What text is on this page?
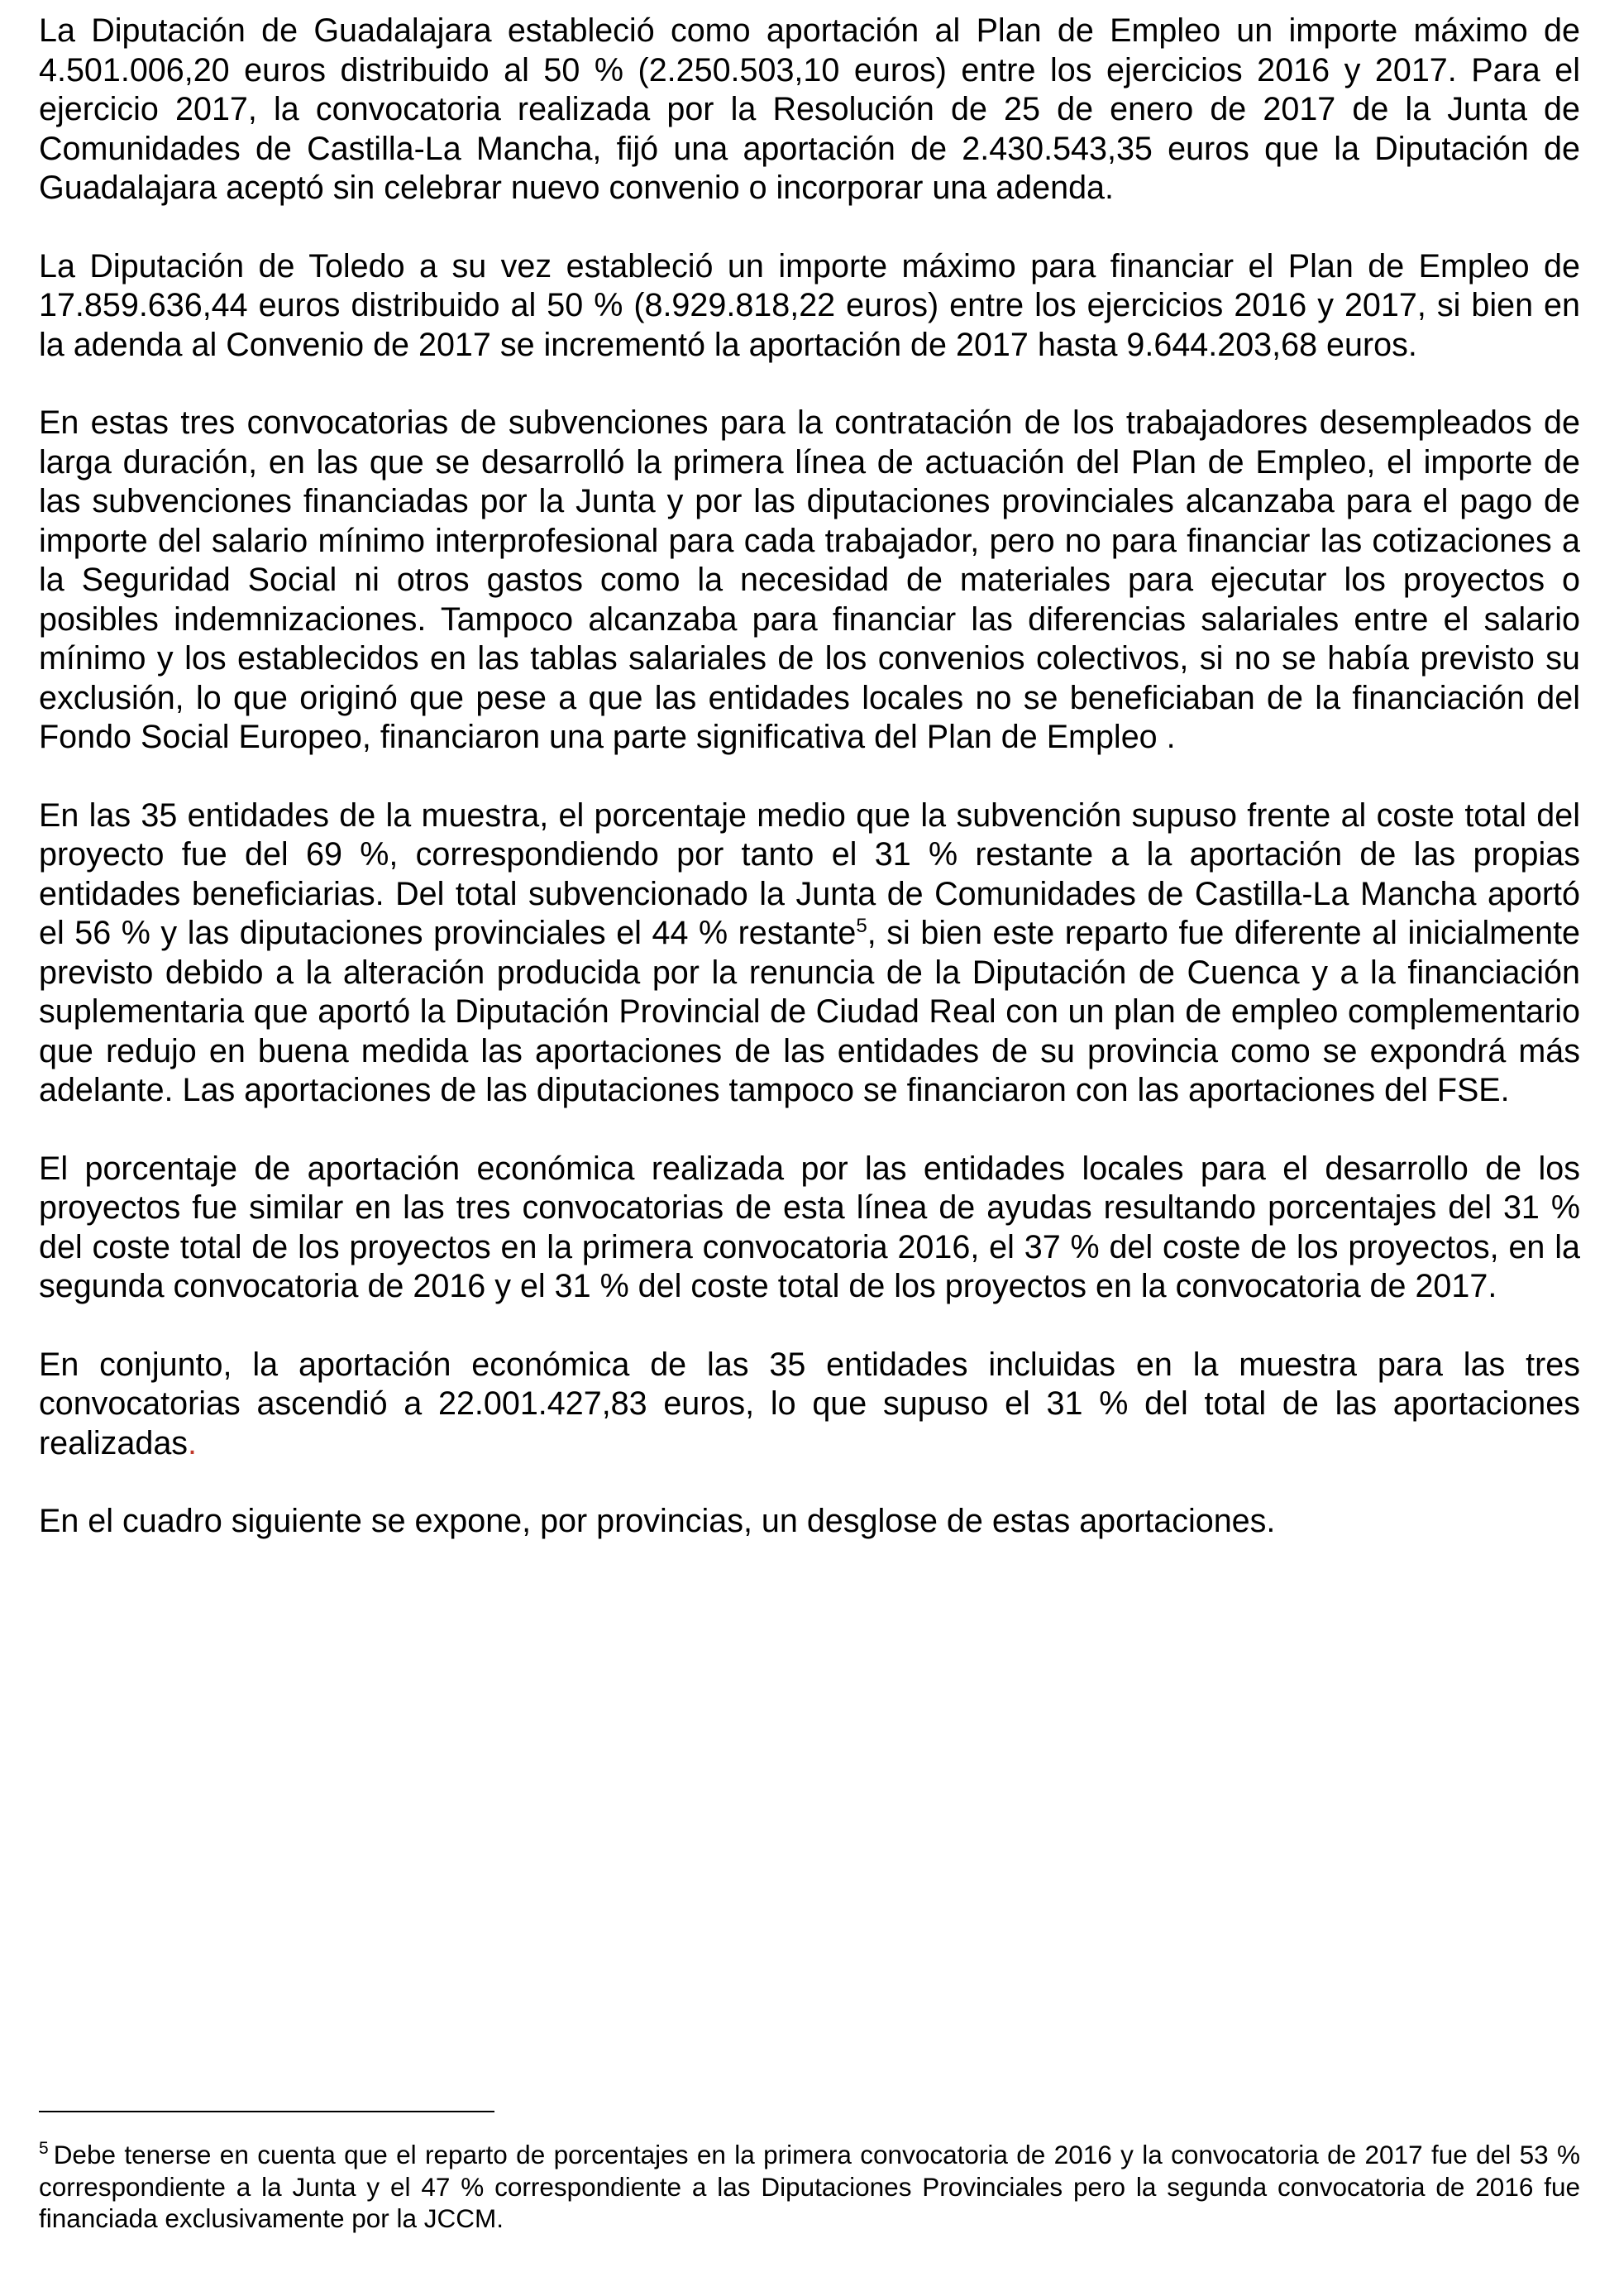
La Diputación de Guadalajara estableció como aportación al Plan de Empleo un importe máximo de 4.501.006,20 euros distribuido al 50 % (2.250.503,10 euros) entre los ejercicios 2016 y 2017. Para el ejercicio 2017, la convocatoria realizada por la Resolución de 25 de enero de 2017 de la Junta de Comunidades de Castilla-La Mancha, fijó una aportación de 2.430.543,35 euros que la Diputación de Guadalajara aceptó sin celebrar nuevo convenio o incorporar una adenda.

La Diputación de Toledo a su vez estableció un importe máximo para financiar el Plan de Empleo de 17.859.636,44 euros distribuido al 50 % (8.929.818,22 euros) entre los ejercicios 2016 y 2017, si bien en la adenda al Convenio de 2017 se incrementó la aportación de 2017 hasta 9.644.203,68 euros.

En estas tres convocatorias de subvenciones para la contratación de los trabajadores desempleados de larga duración, en las que se desarrolló la primera línea de actuación del Plan de Empleo, el importe de las subvenciones financiadas por la Junta y por las diputaciones provinciales alcanzaba para el pago de importe del salario mínimo interprofesional para cada trabajador, pero no para financiar las cotizaciones a la Seguridad Social ni otros gastos como la necesidad de materiales para ejecutar los proyectos o posibles indemnizaciones. Tampoco alcanzaba para financiar las diferencias salariales entre el salario mínimo y los establecidos en las tablas salariales de los convenios colectivos, si no se había previsto su exclusión, lo que originó que pese a que las entidades locales no se beneficiaban de la financiación del Fondo Social Europeo, financiaron una parte significativa del Plan de Empleo .

En las 35 entidades de la muestra, el porcentaje medio que la subvención supuso frente al coste total del proyecto fue del 69 %, correspondiendo por tanto el 31 % restante a la aportación de las propias entidades beneficiarias. Del total subvencionado la Junta de Comunidades de Castilla-La Mancha aportó el 56 % y las diputaciones provinciales el 44 % restante$^5$, si bien este reparto fue diferente al inicialmente previsto debido a la alteración producida por la renuncia de la Diputación de Cuenca y a la financiación suplementaria que aportó la Diputación Provincial de Ciudad Real con un plan de empleo complementario que redujo en buena medida las aportaciones de las entidades de su provincia como se expondrá más adelante. Las aportaciones de las diputaciones tampoco se financiaron con las aportaciones del FSE.

El porcentaje de aportación económica realizada por las entidades locales para el desarrollo de los proyectos fue similar en las tres convocatorias de esta línea de ayudas resultando porcentajes del 31 % del coste total de los proyectos en la primera convocatoria 2016, el 37 % del coste de los proyectos, en la segunda convocatoria de 2016 y el 31 % del coste total de los proyectos en la convocatoria de 2017.

En conjunto, la aportación económica de las 35 entidades incluidas en la muestra para las tres convocatorias ascendió a 22.001.427,83 euros, lo que supuso el 31 % del total de las aportaciones realizadas.

En el cuadro siguiente se expone, por provincias, un desglose de estas aportaciones.

$^5$ Debe tenerse en cuenta que el reparto de porcentajes en la primera convocatoria de 2016 y la convocatoria de 2017 fue del 53 % correspondiente a la Junta y el 47 % correspondiente a las Diputaciones Provinciales pero la segunda convocatoria de 2016 fue financiada exclusivamente por la JCCM.
